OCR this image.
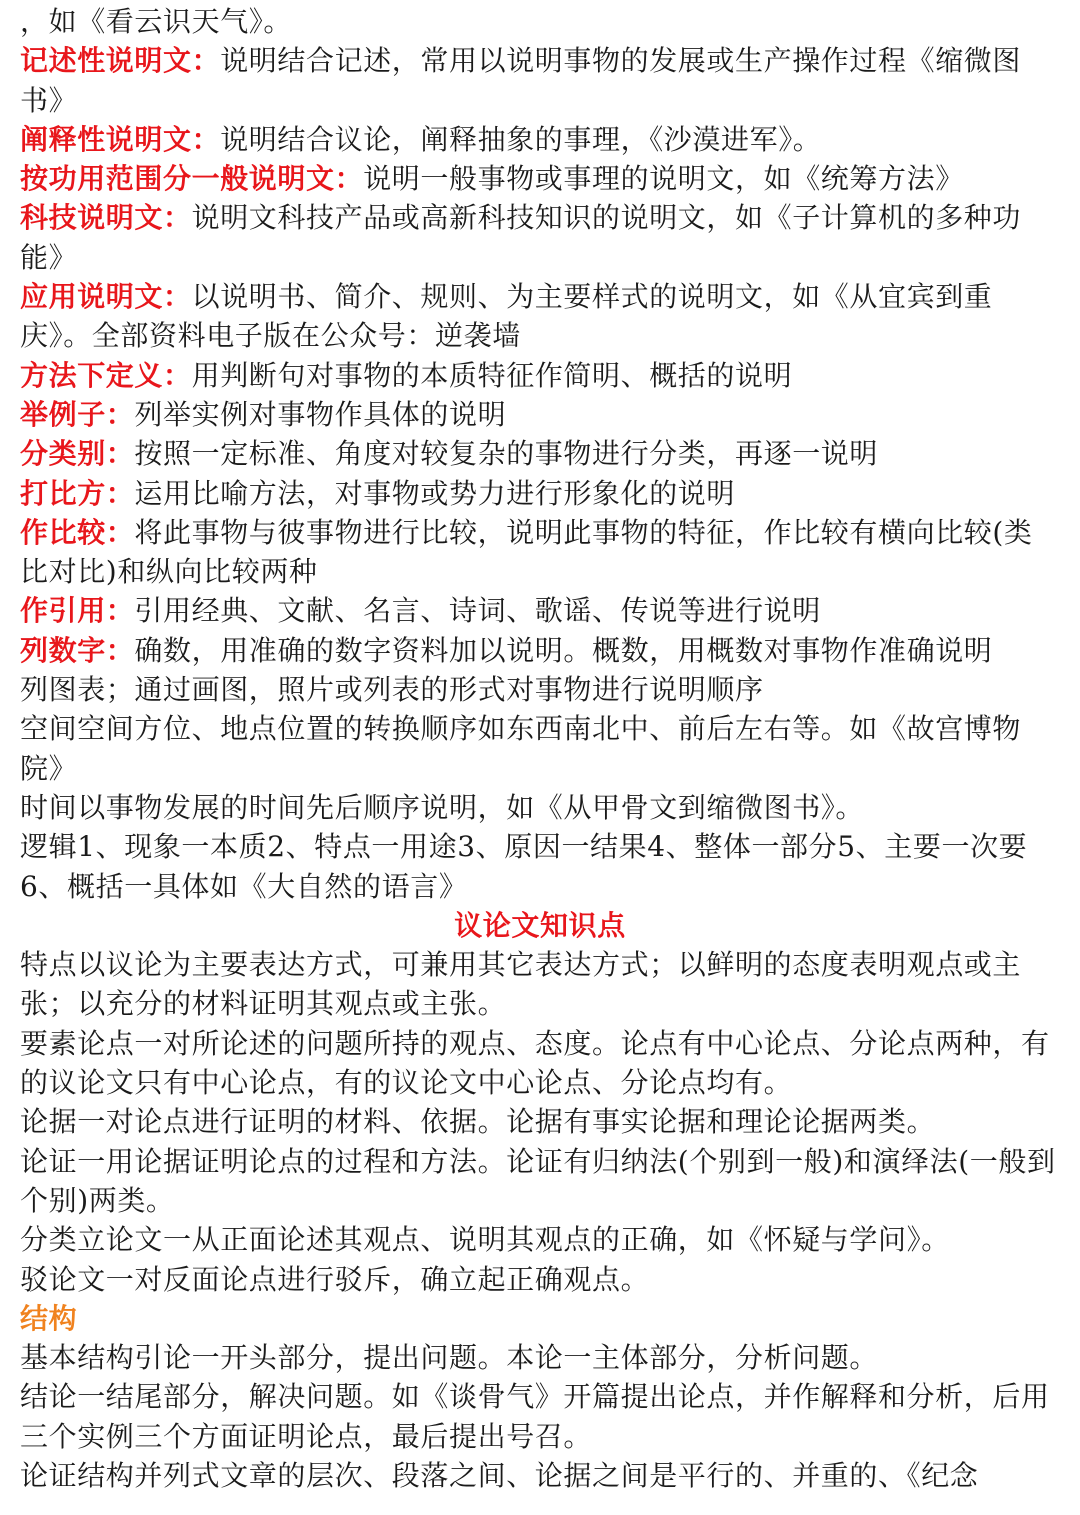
，如《看云识天气》。
记述性说明文：说明结合记述，常用以说明事物的发展或生产操作过程《缩微图书》
阐释性说明文：说明结合议论，阐释抽象的事理，《沙漠进军》。
按功用范围分一般说明文：说明一般事物或事理的说明文，如《统筹方法》
科技说明文：说明文科技产品或高新科技知识的说明文，如《子计算机的多种功能》
应用说明文：以说明书、简介、规则、为主要样式的说明文，如《从宜宾到重庆》。全部资料电子版在公众号：逆袭墙
方法下定义：用判断句对事物的本质特征作简明、概括的说明
举例子：列举实例对事物作具体的说明
分类别：按照一定标准、角度对较复杂的事物进行分类，再逐一说明
打比方：运用比喻方法，对事物或势力进行形象化的说明
作比较：将此事物与彼事物进行比较，说明此事物的特征，作比较有横向比较(类比对比)和纵向比较两种
作引用：引用经典、文献、名言、诗词、歌谣、传说等进行说明
列数字：确数，用准确的数字资料加以说明。概数，用概数对事物作准确说明
列图表；通过画图，照片或列表的形式对事物进行说明顺序
空间空间方位、地点位置的转换顺序如东西南北中、前后左右等。如《故宫博物院》
时间以事物发展的时间先后顺序说明，如《从甲骨文到缩微图书》。
逻辑1、现象一本质2、特点一用途3、原因一结果4、整体一部分5、主要一次要6、概括一具体如《大自然的语言》
议论文知识点
特点以议论为主要表达方式，可兼用其它表达方式；以鲜明的态度表明观点或主张；以充分的材料证明其观点或主张。
要素论点一对所论述的问题所持的观点、态度。论点有中心论点、分论点两种，有的议论文只有中心论点，有的议论文中心论点、分论点均有。
论据一对论点进行证明的材料、依据。论据有事实论据和理论论据两类。
论证一用论据证明论点的过程和方法。论证有归纳法(个别到一般)和演绎法(一般到个别)两类。
分类立论文一从正面论述其观点、说明其观点的正确，如《怀疑与学问》。
驳论文一对反面论点进行驳斥，确立起正确观点。
结构
基本结构引论一开头部分，提出问题。本论一主体部分，分析问题。
结论一结尾部分，解决问题。如《谈骨气》开篇提出论点，并作解释和分析，后用三个实例三个方面证明论点，最后提出号召。
论证结构并列式文章的层次、段落之间、论据之间是平行的、并重的、《纪念
